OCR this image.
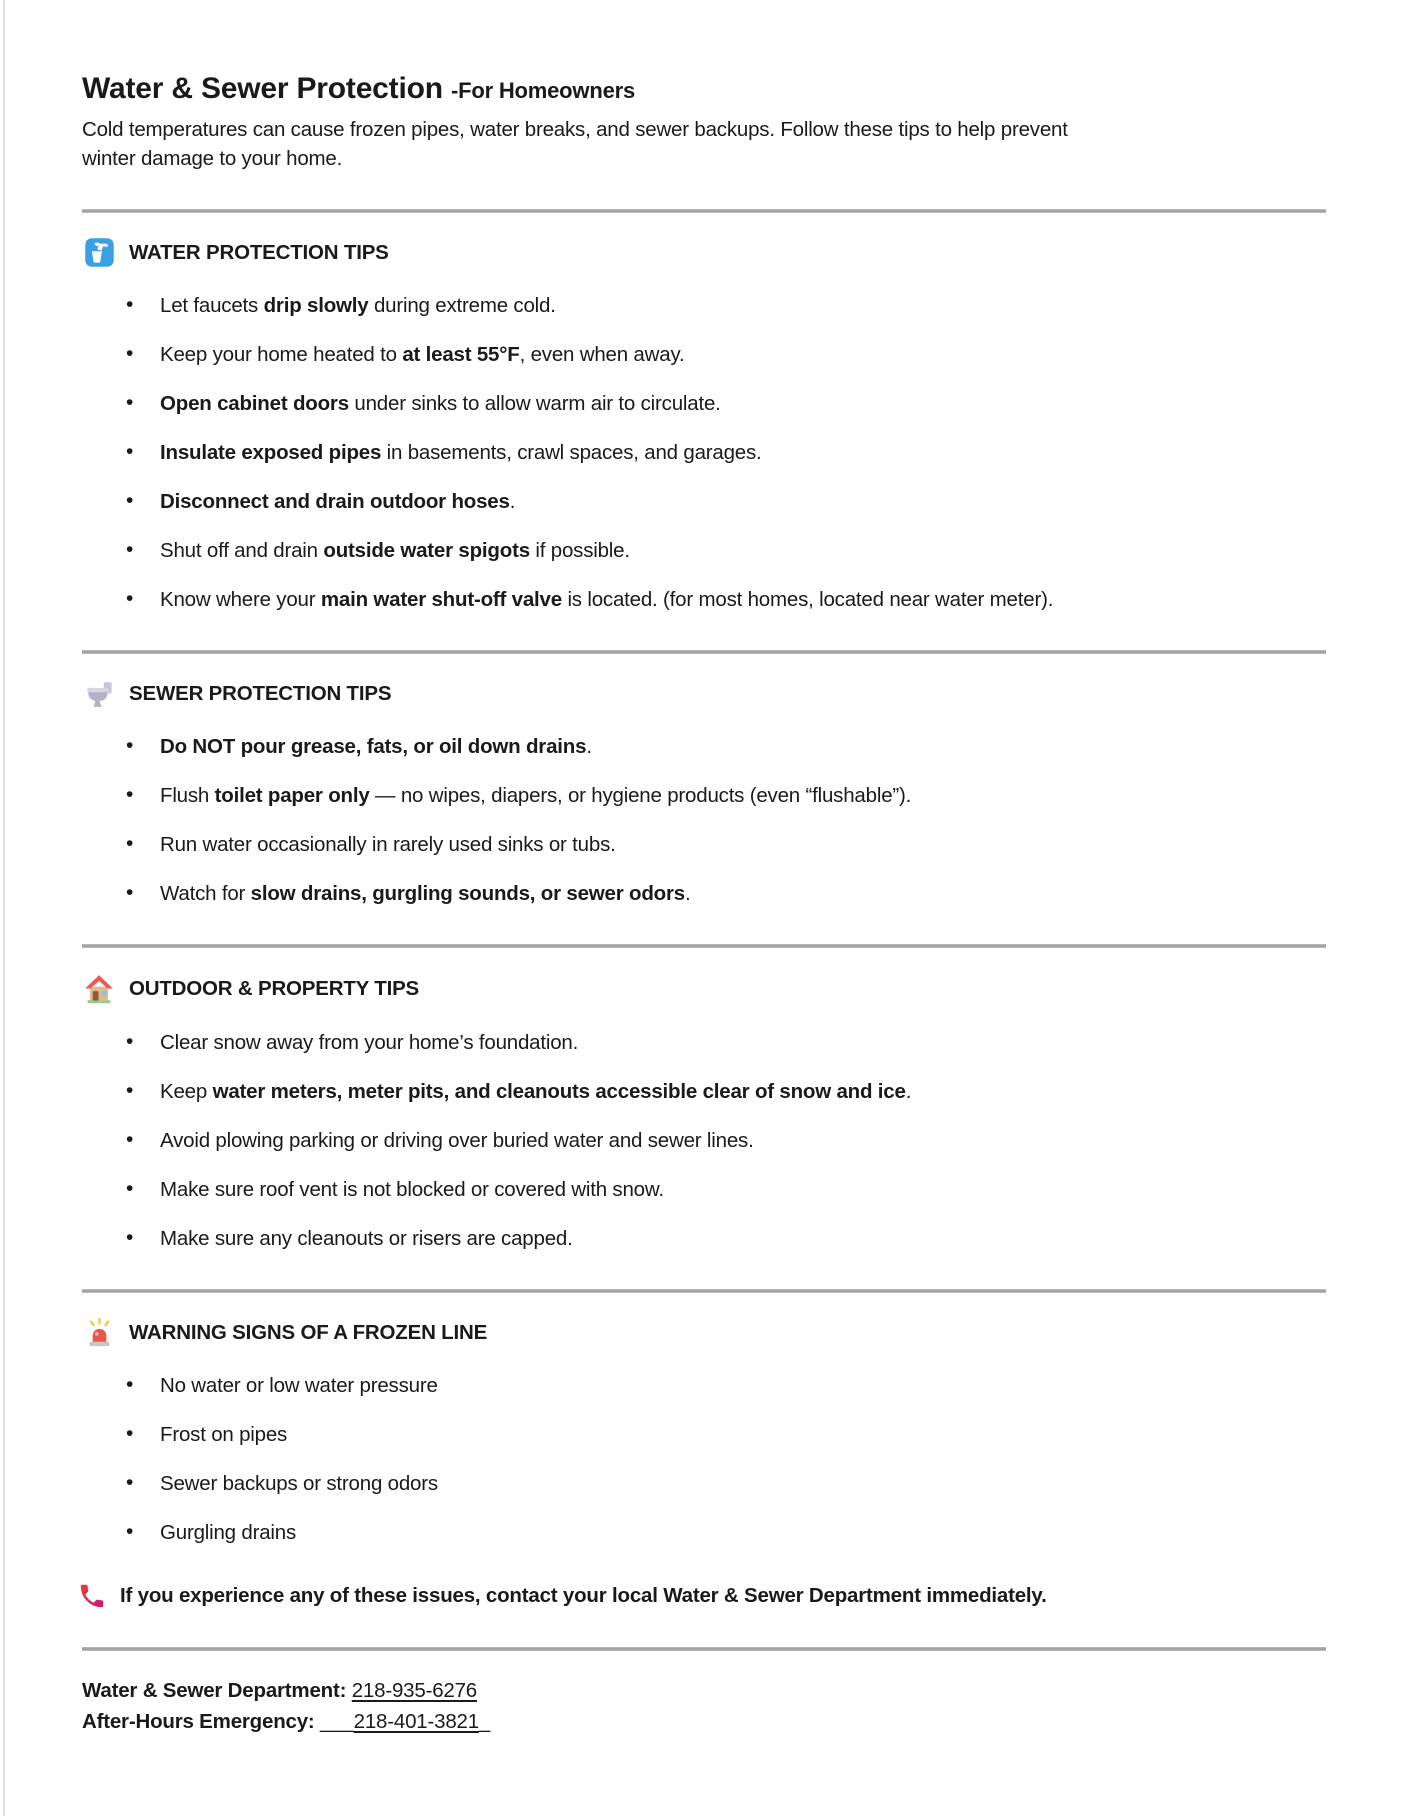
Water & Sewer Protection -For Homeowners

Cold temperatures can cause frozen pipes, water breaks, and sewer backups. Follow these tips to help prevent
winter damage to your home.

WATER PROTECTION TIPS
• Let faucets drip slowly during extreme cold.
• Keep your home heated to at least 55°F, even when away.
• Open cabinet doors under sinks to allow warm air to circulate.
• Insulate exposed pipes in basements, crawl spaces, and garages.
• Disconnect and drain outdoor hoses.
• Shut off and drain outside water spigots if possible.
• Know where your main water shut-off valve is located. (for most homes, located near water meter).
SEWER PROTECTION TIPS
• Do NOT pour grease, fats, or oil down drains.
• Flush toilet paper only — no wipes, diapers, or hygiene products (even “flushable”).
• Run water occasionally in rarely used sinks or tubs.
• Watch for slow drains, gurgling sounds, or sewer odors.
OUTDOOR & PROPERTY TIPS
• Clear snow away from your home’s foundation.
• Keep water meters, meter pits, and cleanouts accessible clear of snow and ice.
• Avoid plowing parking or driving over buried water and sewer lines.
• Make sure roof vent is not blocked or covered with snow.
• Make sure any cleanouts or risers are capped.
WARNING SIGNS OF A FROZEN LINE
• No water or low water pressure
• Frost on pipes
• Sewer backups or strong odors
• Gurgling drains

If you experience any of these issues, contact your local Water & Sewer Department immediately.

Water & Sewer Department: 218-935-6276

After-Hours Emergency: ___218-401-3821_
